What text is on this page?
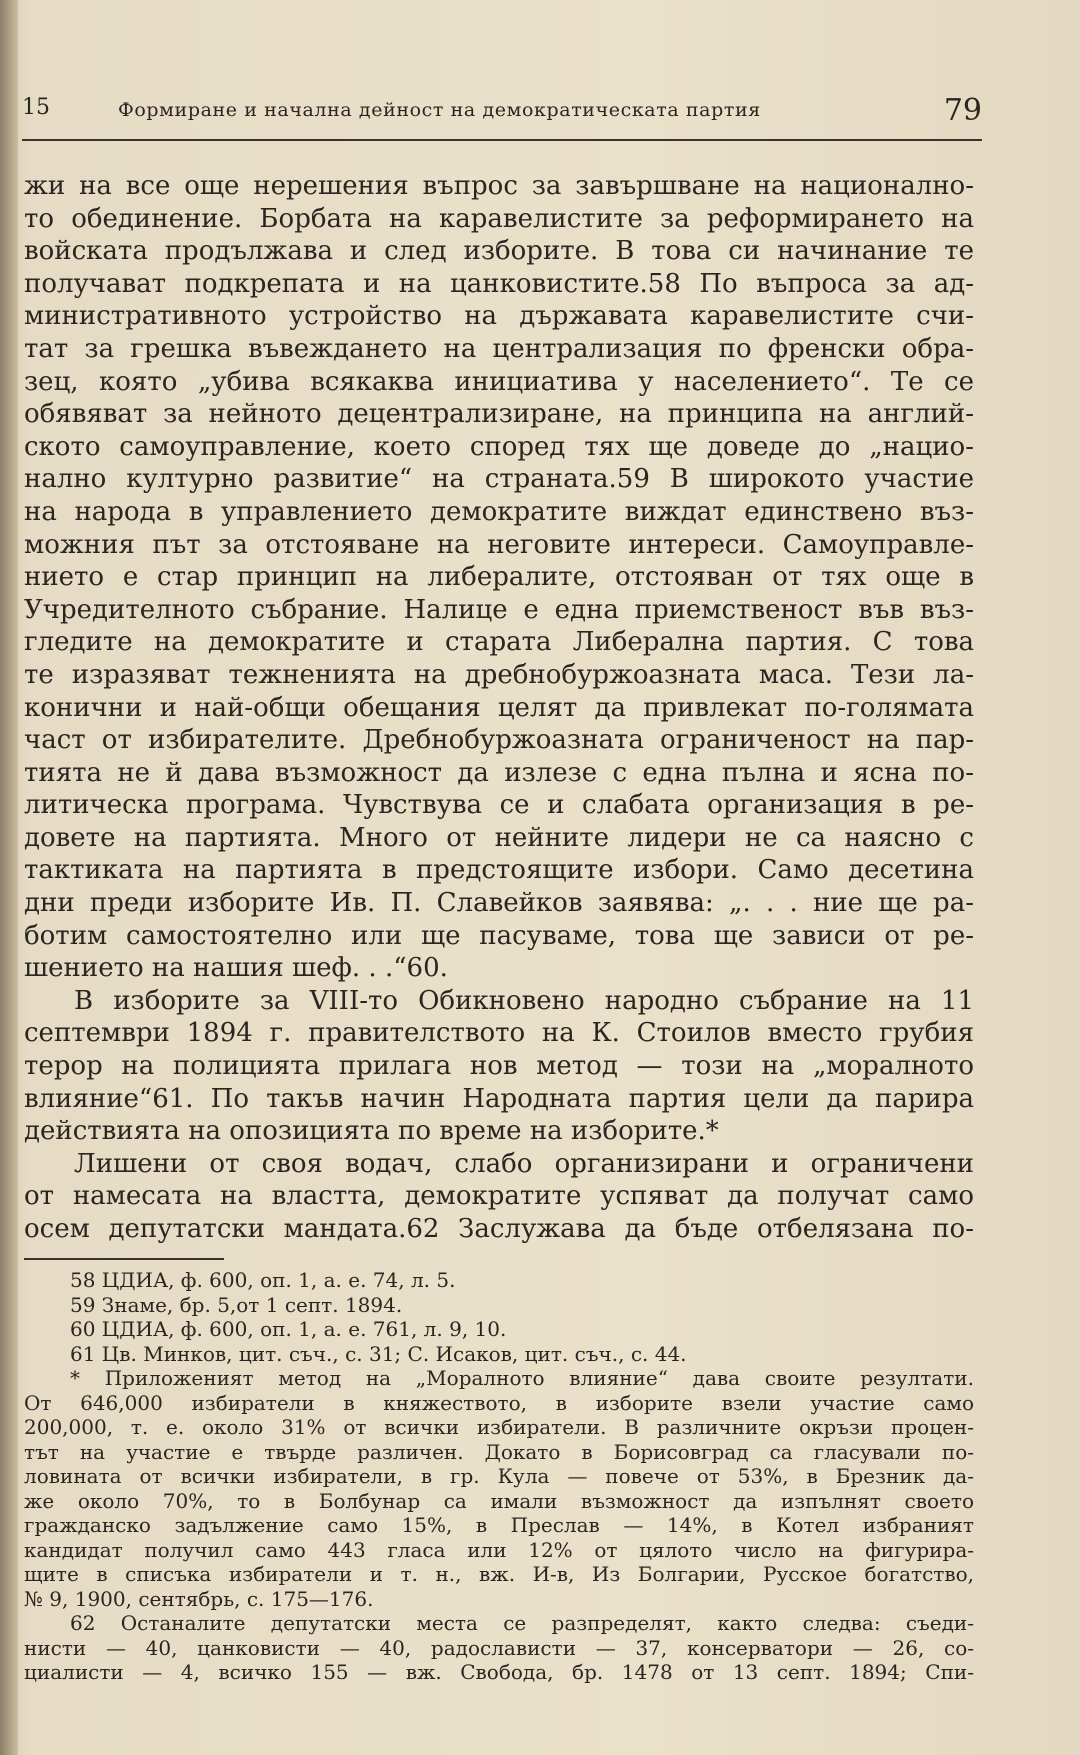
15	Формиране и начална дейност на демократическата партия	79
жи на все още нерешения въпрос за завършване на национално-
то обединение. Борбата на каравелистите за реформирането на
войската продължава и след изборите. В това си начинание те
получават подкрепата и на цанковистите.58 По въпроса за ад-
министративното устройство на държавата каравелистите счи-
тат за грешка въвеждането на централизация по френски обра-
зец, която „убива всякаква инициатива у населението“. Те се
обявяват за нейното децентрализиране, на принципа на англий-
ското самоуправление, което според тях ще доведе до „нацио-
нално културно развитие“ на страната.59 В широкото участие
на народа в управлението демократите виждат единствено въз-
можния път за отстояване на неговите интереси. Самоуправле-
нието е стар принцип на либералите, отстояван от тях още в
Учредителното събрание. Налице е една приемственост във въз-
гледите на демократите и старата Либерална партия. С това
те изразяват тежненията на дребнобуржоазната маса. Тези ла-
конични и най-общи обещания целят да привлекат по-голямата
част от избирателите. Дребнобуржоазната ограниченост на пар-
тията не й дава възможност да излезе с една пълна и ясна по-
литическа програма. Чувствува се и слабата организация в ре-
довете на партията. Много от нейните лидери не са наясно с
тактиката на партията в предстоящите избори. Само десетина
дни преди изборите Ив. П. Славейков заявява: „. . . ние ще ра-
ботим самостоятелно или ще пасуваме, това ще зависи от ре-
шението на нашия шеф. . .“60.
В изборите за VIII-то Обикновено народно събрание на 11
септември 1894 г. правителството на К. Стоилов вместо грубия
терор на полицията прилага нов метод — този на „моралното
влияние“61. По такъв начин Народната партия цели да парира
действията на опозицията по време на изборите.*
Лишени от своя водач, слабо организирани и ограничени
от намесата на властта, демократите успяват да получат само
осем депутатски мандата.62 Заслужава да бъде отбелязана по-
58 ЦДИА, ф. 600, оп. 1, а. е. 74, л. 5.
59 Знаме, бр. 5,от 1 септ. 1894.
60 ЦДИА, ф. 600, оп. 1, а. е. 761, л. 9, 10.
61 Цв. Минков, цит. съч., с. 31; С. Исаков, цит. съч., с. 44.
* Приложеният метод на „Моралното влияние“ дава своите резултати.
От 646,000 избиратели в княжеството, в изборите взели участие само
200,000, т. е. около 31% от всички избиратели. В различните окръзи процен-
тът на участие е твърде различен. Докато в Борисовград са гласували по-
ловината от всички избиратели, в гр. Кула — повече от 53%, в Брезник да-
же около 70%, то в Болбунар са имали възможност да изпълнят своето
гражданско задължение само 15%, в Преслав — 14%, в Котел избраният
кандидат получил само 443 гласа или 12% от цялото число на фигурира-
щите в списъка избиратели и т. н., вж. И-в, Из Болгарии, Русское богатство,
№ 9, 1900, сентябрь, с. 175—176.
62 Останалите депутатски места се разпределят, както следва: съеди-
нисти — 40, цанковисти — 40, радослависти — 37, консерватори — 26, со-
циалисти — 4, всичко 155 — вж. Свобода, бр. 1478 от 13 септ. 1894; Спи-
